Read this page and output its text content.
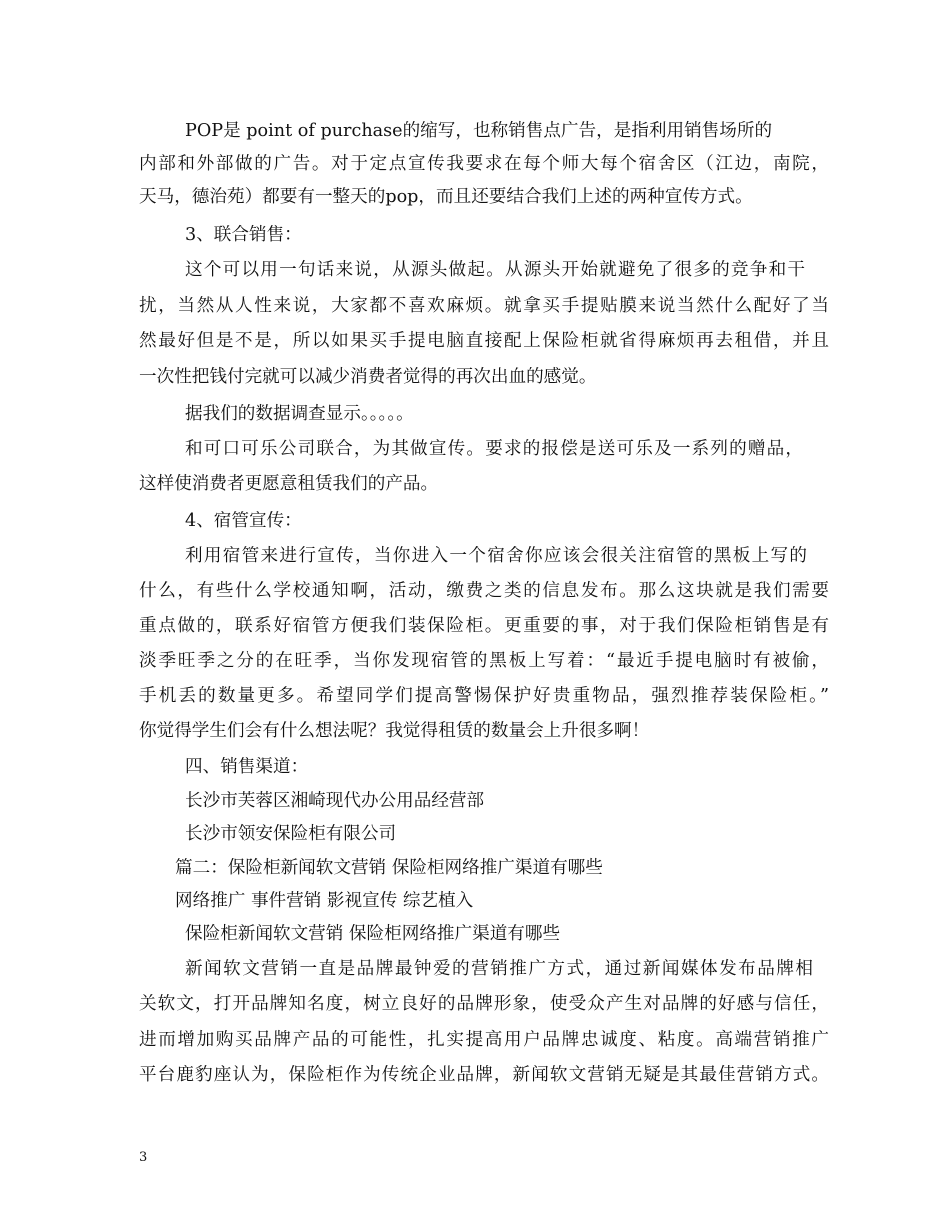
POP是 point of purchase的缩写，也称销售点广告，是指利用销售场所的
内部和外部做的广告。对于定点宣传我要求在每个师大每个宿舍区（江边，南院，
天马，德治苑）都要有一整天的pop，而且还要结合我们上述的两种宣传方式。
3、联合销售：
这个可以用一句话来说，从源头做起。从源头开始就避免了很多的竞争和干
扰，当然从人性来说，大家都不喜欢麻烦。就拿买手提贴膜来说当然什么配好了当
然最好但是不是，所以如果买手提电脑直接配上保险柜就省得麻烦再去租借，并且
一次性把钱付完就可以减少消费者觉得的再次出血的感觉。
据我们的数据调查显示。。。。。
和可口可乐公司联合，为其做宣传。要求的报偿是送可乐及一系列的赠品，
这样使消费者更愿意租赁我们的产品。
4、宿管宣传：
利用宿管来进行宣传，当你进入一个宿舍你应该会很关注宿管的黑板上写的
什么，有些什么学校通知啊，活动，缴费之类的信息发布。那么这块就是我们需要
重点做的，联系好宿管方便我们装保险柜。更重要的事，对于我们保险柜销售是有
淡季旺季之分的在旺季，当你发现宿管的黑板上写着：“最近手提电脑时有被偷，
手机丢的数量更多。希望同学们提高警惕保护好贵重物品，强烈推荐装保险柜。”
你觉得学生们会有什么想法呢？我觉得租赁的数量会上升很多啊！
四、销售渠道：
长沙市芙蓉区湘崎现代办公用品经营部
长沙市领安保险柜有限公司
篇二：保险柜新闻软文营销 保险柜网络推广渠道有哪些
网络推广 事件营销 影视宣传 综艺植入
保险柜新闻软文营销 保险柜网络推广渠道有哪些
新闻软文营销一直是品牌最钟爱的营销推广方式，通过新闻媒体发布品牌相
关软文，打开品牌知名度，树立良好的品牌形象，使受众产生对品牌的好感与信任，
进而增加购买品牌产品的可能性，扎实提高用户品牌忠诚度、粘度。高端营销推广
平台鹿豹座认为，保险柜作为传统企业品牌，新闻软文营销无疑是其最佳营销方式。
3
